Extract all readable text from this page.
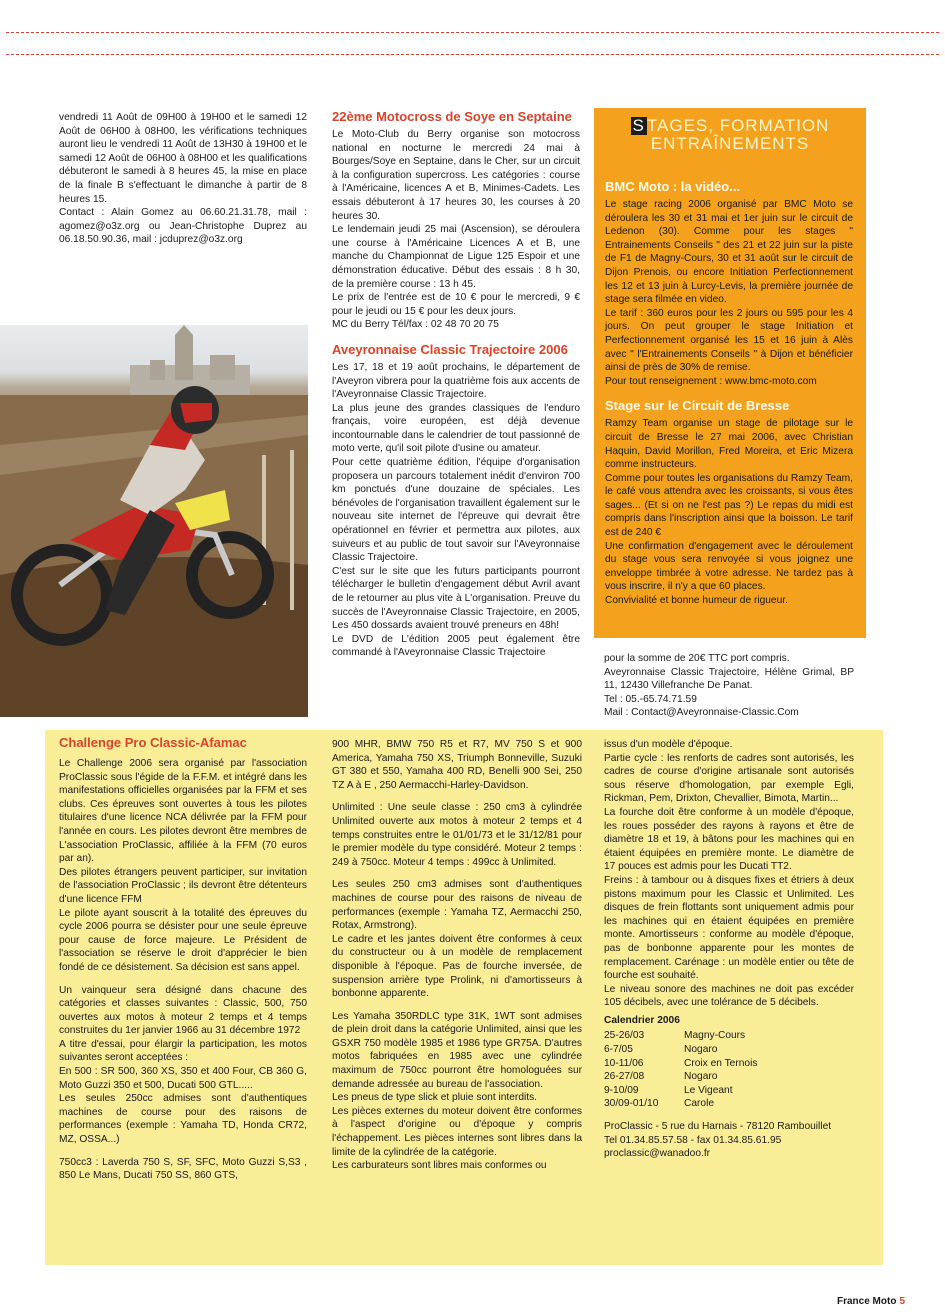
vendredi 11 Août de 09H00 à 19H00 et le samedi 12 Août de 06H00 à 08H00, les vérifications techniques auront lieu le vendredi 11 Août de 13H30 à 19H00 et le samedi 12 Août de 06H00 à 08H00 et les qualifications débuteront le samedi à 8 heures 45, la mise en place de la finale B s'effectuant le dimanche à partir de 8 heures 15.

Contact : Alain Gomez au 06.60.21.31.78, mail : agomez@o3z.org ou Jean-Christophe Duprez au 06.18.50.90.36, mail : jcduprez@o3z.org

22ème Motocross de Soye en Septaine

Le Moto-Club du Berry organise son motocross national en nocturne le mercredi 24 mai à Bourges/Soye en Septaine, dans le Cher, sur un circuit à la configuration supercross. Les catégories : course à l'Américaine, licences A et B, Minimes-Cadets. Les essais débuteront à 17 heures 30, les courses à 20 heures 30.

Le lendemain jeudi 25 mai (Ascension), se déroulera une course à l'Américaine Licences A et B, une manche du Championnat de Ligue 125 Espoir et une démonstration éducative. Début des essais : 8 h 30, de la première course : 13 h 45.

Le prix de l'entrée est de 10 € pour le mercredi, 9 € pour le jeudi ou 15 € pour les deux jours.

MC du Berry Tél/fax : 02 48 70 20 75

Aveyronnaise Classic Trajectoire 2006

Les 17, 18 et 19 août prochains, le département de l'Aveyron vibrera pour la quatrième fois aux accents de l'Aveyronnaise Classic Trajectoire.

La plus jeune des grandes classiques de l'enduro français, voire européen, est déjà devenue incontournable dans le calendrier de tout passionné de moto verte, qu'il soit pilote d'usine ou amateur.

Pour cette quatrième édition, l'équipe d'organisation proposera un parcours totalement inédit d'environ 700 km ponctués d'une douzaine de spéciales. Les bénévoles de l'organisation travaillent également sur le nouveau site internet de l'épreuve qui devrait être opérationnel en février et permettra aux pilotes, aux suiveurs et au public de tout savoir sur l'Aveyronnaise Classic Trajectoire.

C'est sur le site que les futurs participants pourront télécharger le bulletin d'engagement début Avril avant de le retourner au plus vite à L'organisation. Preuve du succès de l'Aveyronnaise Classic Trajectoire, en 2005, Les 450 dossards avaient trouvé preneurs en 48h!

Le DVD de L'édition 2005 peut également être commandé à l'Aveyronnaise Classic Trajectoire

S TAGES, FORMATION
ENTRAÎNEMENTS
BMC Moto : la vidéo...

Le stage racing 2006 organisé par BMC Moto se déroulera les 30 et 31 mai et 1er juin sur le circuit de Ledenon (30). Comme pour les stages " Entrainements Conseils " des 21 et 22 juin sur la piste de F1 de Magny-Cours, 30 et 31 août sur le circuit de Dijon Prenois, ou encore Initiation Perfectionnement les 12 et 13 juin à Lurcy-Levis, la première journée de stage sera filmée en video.

Le tarif : 360 euros pour les 2 jours ou 595 pour les 4 jours. On peut grouper le stage Initiation et Perfectionnement organisé les 15 et 16 juin à Alès avec " l'Entrainements Conseils " à Dijon et bénéficier ainsi de près de 30% de remise.

Pour tout renseignement : www.bmc-moto.com

Stage sur le Circuit de Bresse

Ramzy Team organise un stage de pilotage sur le circuit de Bresse le 27 mai 2006, avec Christian Haquin, David Morillon, Fred Moreira, et Eric Mizera comme instructeurs.

Comme pour toutes les organisations du Ramzy Team, le café vous attendra avec les croissants, si vous êtes sages... (Et si on ne l'est pas ?) Le repas du midi est compris dans l'inscription ainsi que la boisson. Le tarif est de 240 €

Une confirmation d'engagement avec le déroulement du stage vous sera renvoyée si vous joignez une enveloppe timbrée à votre adresse. Ne tardez pas à vous inscrire, il n'y a que 60 places.

Convivialité et bonne humeur de rigueur.

pour la somme de 20€ TTC port compris.

Aveyronnaise Classic Trajectoire, Hélène Grimal, BP 11, 12430 Villefranche De Panat.

Tel : 05.-65.74.71.59

Mail : Contact@Aveyronnaise-Classic.Com

Challenge Pro Classic-Afamac

Le Challenge 2006 sera organisé par l'association ProClassic sous l'égide de la F.F.M. et intégré dans les manifestations officielles organisées par la FFM et ses clubs. Ces épreuves sont ouvertes à tous les pilotes titulaires d'une licence NCA délivrée par la FFM pour l'année en cours. Les pilotes devront être membres de L'association ProClassic, affiliée à la FFM (70 euros par an).

Des pilotes étrangers peuvent participer, sur invitation de l'association ProClassic ; ils devront être détenteurs d'une licence FFM

Le pilote ayant souscrit à la totalité des épreuves du cycle 2006 pourra se désister pour une seule épreuve pour cause de force majeure. Le Président de l'association se réserve le droit d'apprécier le bien fondé de ce désistement. Sa décision est sans appel.

Un vainqueur sera désigné dans chacune des catégories et classes suivantes : Classic, 500, 750 ouvertes aux motos à moteur 2 temps et 4 temps construites du 1er janvier 1966 au 31 décembre 1972

A titre d'essai, pour élargir la participation, les motos suivantes seront acceptées :

En 500 : SR 500, 360 XS, 350 et 400 Four, CB 360 G, Moto Guzzi 350 et 500, Ducati 500 GTL.....

Les seules 250cc admises sont d'authentiques machines de course pour des raisons de performances (exemple : Yamaha TD, Honda CR72, MZ, OSSA...)

750cc3 : Laverda 750 S, SF, SFC, Moto Guzzi S,S3 , 850 Le Mans, Ducati 750 SS, 860 GTS,

900 MHR, BMW 750 R5 et R7, MV 750 S et 900 America, Yamaha 750 XS, Triumph Bonneville, Suzuki GT 380 et 550, Yamaha 400 RD, Benelli 900 Sei, 250 TZ A à E , 250 Aermacchi-Harley-Davidson.

Unlimited : Une seule classe : 250 cm3 à cylindrée Unlimited ouverte aux motos à moteur 2 temps et 4 temps construites entre le 01/01/73 et le 31/12/81 pour le premier modèle du type considéré. Moteur 2 temps : 249 à 750cc. Moteur 4 temps : 499cc à Unlimited.

Les seules 250 cm3 admises sont d'authentiques machines de course pour des raisons de niveau de performances (exemple : Yamaha TZ, Aermacchi 250, Rotax, Armstrong).

Le cadre et les jantes doivent être conformes à ceux du constructeur ou à un modèle de remplacement disponible à l'époque. Pas de fourche inversée, de suspension arrière type Prolink, ni d'amortisseurs à bonbonne apparente.

Les Yamaha 350RDLC type 31K, 1WT sont admises de plein droit dans la catégorie Unlimited, ainsi que les GSXR 750 modèle 1985 et 1986 type GR75A. D'autres motos fabriquées en 1985 avec une cylindrée maximum de 750cc pourront être homologuées sur demande adressée au bureau de l'association.

Les pneus de type slick et pluie sont interdits.

Les pièces externes du moteur doivent être conformes à l'aspect d'origine ou d'époque y compris l'échappement. Les pièces internes sont libres dans la limite de la cylindrée de la catégorie.

Les carburateurs sont libres mais conformes ou

issus d'un modèle d'époque.

Partie cycle : les renforts de cadres sont autorisés, les cadres de course d'origine artisanale sont autorisés sous réserve d'homologation, par exemple Egli, Rickman, Pem, Drixton, Chevallier, Bimota, Martin...

La fourche doit être conforme à un modèle d'époque, les roues posséder des rayons à rayons et être de diamètre 18 et 19, à bâtons pour les machines qui en étaient équipées en première monte. Le diamètre de 17 pouces est admis pour les Ducati TT2.

Freins : à tambour ou à disques fixes et étriers à deux pistons maximum pour les Classic et Unlimited. Les disques de frein flottants sont uniquement admis pour les machines qui en étaient équipées en première monte. Amortisseurs : conforme au modèle d'époque, pas de bonbonne apparente pour les montes de remplacement. Carénage : un modèle entier ou tête de fourche est souhaité.

Le niveau sonore des machines ne doit pas excéder 105 décibels, avec une tolérance de 5 décibels.

Calendrier 2006

25-26/03	Magny-Cours
6-7/05	Nogaro
10-11/06	Croix en Ternois
26-27/08	Nogaro
9-10/09	Le Vigeant
30/09-01/10	Carole

ProClassic - 5 rue du Harnais - 78120 Rambouillet

Tel 01.34.85.57.58 - fax 01.34.85.61.95

proclassic@wanadoo.fr

France Moto 5
